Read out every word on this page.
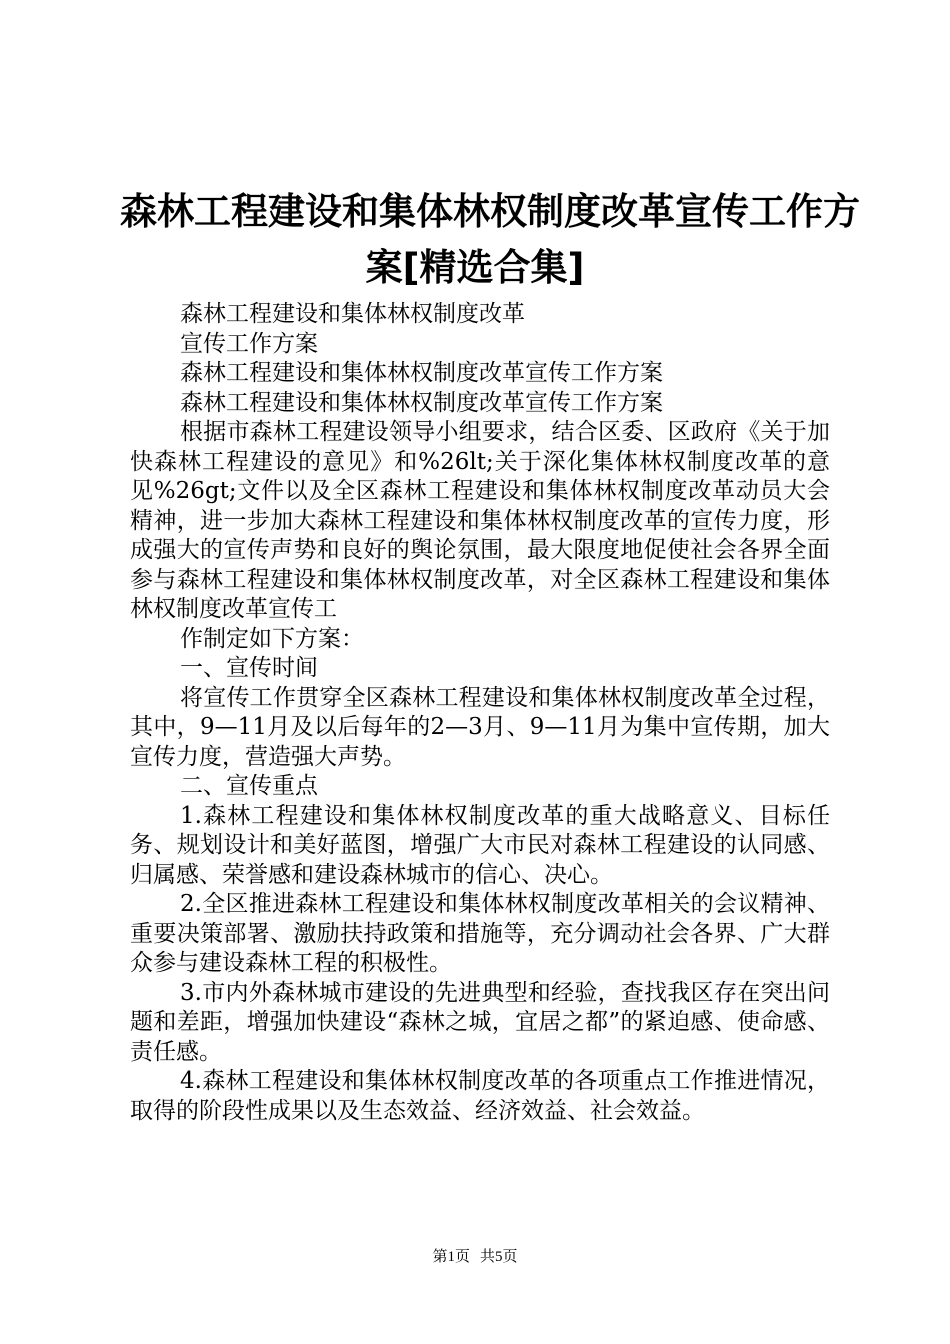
森林工程建设和集体林权制度改革宣传工作方
案[精选合集]

森林工程建设和集体林权制度改革

宣传工作方案

森林工程建设和集体林权制度改革宣传工作方案

森林工程建设和集体林权制度改革宣传工作方案

根据市森林工程建设领导小组要求，结合区委、区政府《关于加快森林工程建设的意见》和%26lt;关于深化集体林权制度改革的意见%26gt;文件以及全区森林工程建设和集体林权制度改革动员大会精神，进一步加大森林工程建设和集体林权制度改革的宣传力度，形成强大的宣传声势和良好的舆论氛围，最大限度地促使社会各界全面参与森林工程建设和集体林权制度改革，对全区森林工程建设和集体林权制度改革宣传工

作制定如下方案：

一、宣传时间

将宣传工作贯穿全区森林工程建设和集体林权制度改革全过程，其中，9—11月及以后每年的2—3月、9—11月为集中宣传期，加大宣传力度，营造强大声势。

二、宣传重点

1.森林工程建设和集体林权制度改革的重大战略意义、目标任务、规划设计和美好蓝图，增强广大市民对森林工程建设的认同感、归属感、荣誉感和建设森林城市的信心、决心。

2.全区推进森林工程建设和集体林权制度改革相关的会议精神、重要决策部署、激励扶持政策和措施等，充分调动社会各界、广大群众参与建设森林工程的积极性。

3.市内外森林城市建设的先进典型和经验，查找我区存在突出问题和差距，增强加快建设“森林之城，宜居之都”的紧迫感、使命感、责任感。

4.森林工程建设和集体林权制度改革的各项重点工作推进情况，取得的阶段性成果以及生态效益、经济效益、社会效益。

第1页 共5页
